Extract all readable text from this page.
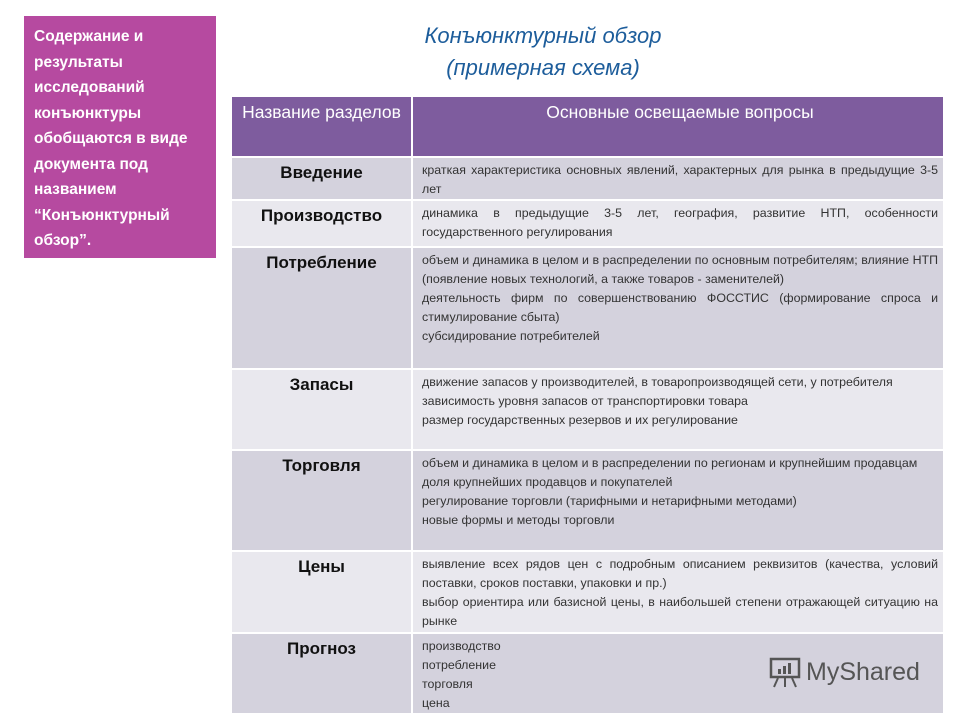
Содержание и результаты исследований конъюнктуры обобщаются в виде документа под названием “Конъюнктурный обзор”.
Конъюнктурный обзор
(примерная схема)
Название разделов	Основные освещаемые вопросы
Введение	краткая характеристика основных явлений, характерных для рынка в предыдущие 3-5 лет
Производство	динамика в предыдущие 3-5 лет, география, развитие НТП, особенности государственного регулирования
Потребление	объем и динамика в целом и в распределении по основным потребителям; влияние НТП (появление новых технологий, а также товаров - заменителей)
деятельность фирм по совершенствованию ФОССТИС (формирование спроса и стимулирование сбыта)
субсидирование потребителей
Запасы	движение запасов у производителей, в товаропроизводящей сети, у потребителя
зависимость уровня запасов от транспортировки товара
размер государственных резервов и их регулирование
Торговля	объем и динамика в целом и в распределении по регионам и крупнейшим продавцам
доля крупнейших продавцов и покупателей
регулирование торговли (тарифными и нетарифными методами)
новые формы и методы торговли
Цены	выявление всех рядов цен с подробным описанием реквизитов (качества, условий поставки, сроков поставки, упаковки и пр.)
выбор ориентира или базисной цены, в наибольшей степени отражающей ситуацию на рынке
Прогноз	производство
потребление
торговля
цена
MyShared
